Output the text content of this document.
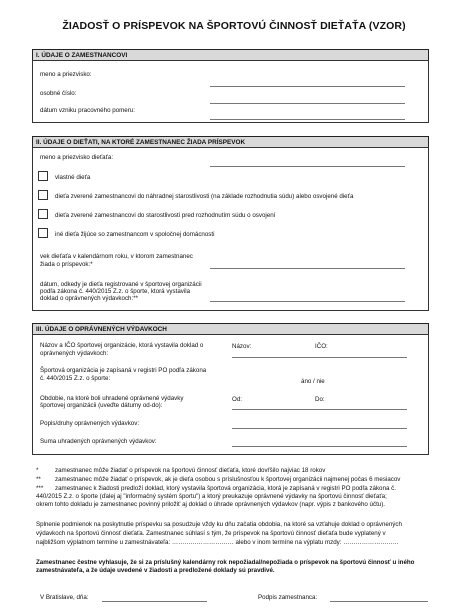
ŽIADOSŤ O PRÍSPEVOK NA ŠPORTOVÚ ČINNOSŤ DIEŤAŤA (VZOR)
I. ÚDAJE O ZAMESTNANCOVI
meno a priezvisko:
osobné číslo:
dátum vzniku pracovného pomeru:
II. ÚDAJE O DIEŤATI, NA KTORÉ ZAMESTNANEC ŽIADA PRÍSPEVOK
meno a priezvisko dieťaťa:
vlastné dieťa
dieťa zverené zamestnancovi do náhradnej starostlivosti (na základe rozhodnutia súdu) alebo osvojené dieťa
dieťa zverené zamestnancovi do starostlivosti pred rozhodnutím súdu o osvojení
iné dieťa žijúce so zamestnancom v spoločnej domácnosti
vek dieťaťa v kalendárnom roku, v ktorom zamestnanec
žiada o príspevok:*
dátum, odkedy je dieťa registrované v športovej organizácii
podľa zákona č. 440/2015 Z.z. o športe, ktorá vystavila
doklad o oprávnených výdavkoch:**
III. ÚDAJE O OPRÁVNENÝCH VÝDAVKOCH
Názov a IČO športovej organizácie, ktorá vystavila doklad o
oprávnených výdavkoch:
Názov:	IČO:
Športová organizácia je zapísaná v registri PO podľa zákona
č. 440/2015 Z.z. o športe:	áno / nie
Obdobie, na ktoré boli uhradené oprávnené výdavky
športovej organizácii (uveďte dátumy od-do):
Od:	Do:
Popis/druhy oprávnených výdavkov:
Suma uhradených oprávnených výdavkov:
*	zamestnanec môže žiadať o príspevok na športovú činnosť dieťaťa, ktoré dovŕšilo najviac 18 rokov
** zamestnanec môže žiadať o príspevok, ak je dieťa osobou s príslušnosťou k športovej organizácii najmenej počas 6 mesiacov
*** zamestnanec k žiadosti predloží doklad, ktorý vystavila športová organizácia, ktorá je zapísaná v registri PO podľa zákona č.
440/2015 Z.z. o športe (ďalej aj "informačný systém športu") a ktorý preukazuje oprávnené výdavky na športovú činnosť dieťaťa;
okrem tohto dokladu je zamestnanec povinný priložiť aj doklad o úhrade oprávnených výdavkov (napr. výpis z bankového účtu).
Splnenie podmienok na poskytnutie príspevku sa posudzuje vždy ku dňu začatia obdobia, na ktoré sa vzťahuje doklad o oprávnených
výdavkoch na športovú činnosť dieťaťa. Zamestnanec súhlasí s tým, že príspevok na športovú činnosť dieťaťa bude vyplatený v
najbližšom výplatnom termíne u zamestnávateľa: ………………………… alebo v inom termíne na výplatu mzdy: ………………………
Zamestnanec čestne vyhlasuje, že si za príslušný kalendárny rok nepožiadal/nepožiada o príspevok na športovú činnosť u iného
zamestnávateľa, a že údaje uvedené v žiadosti a predložené doklady sú pravdivé.
V Bratislave, dňa:	Podpis zamestnanca:
